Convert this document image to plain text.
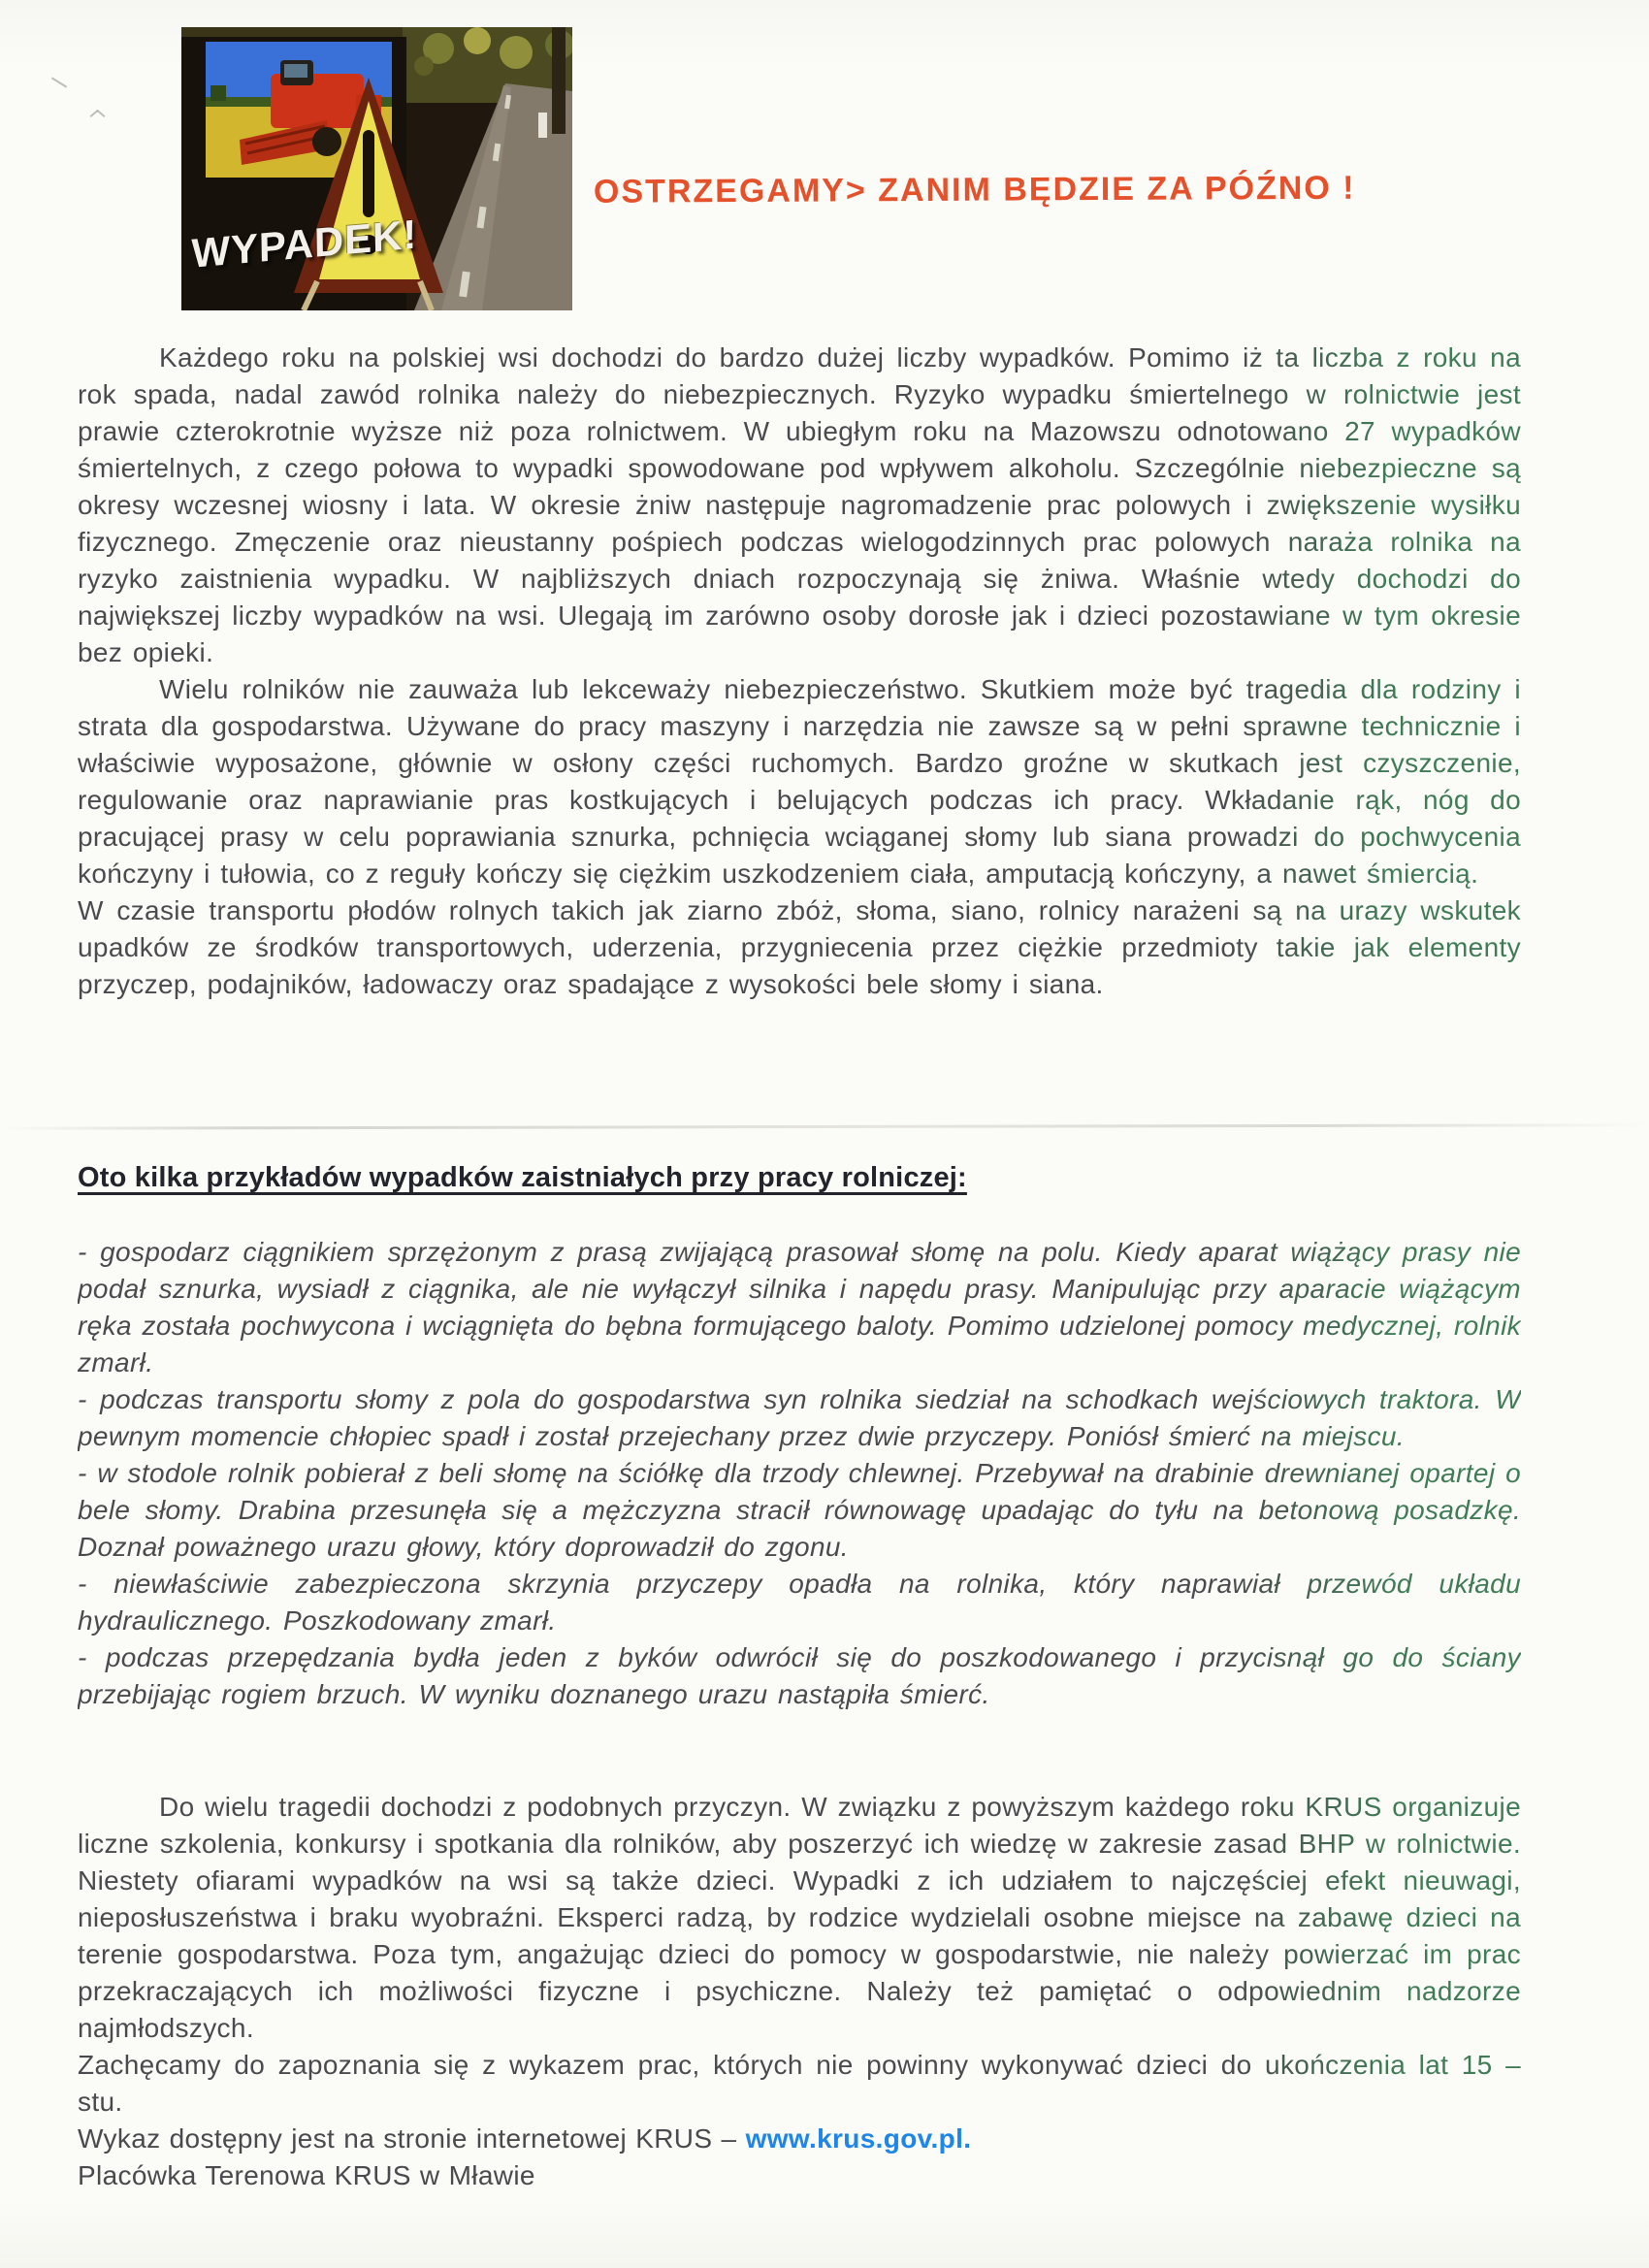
WYPADEK!
OSTRZEGAMY> ZANIM BĘDZIE ZA PÓŹNO !

Każdego roku na polskiej wsi dochodzi do bardzo dużej liczby wypadków. Pomimo iż ta liczba z roku na rok spada, nadal zawód rolnika należy do niebezpiecznych. Ryzyko wypadku śmiertelnego w rolnictwie jest prawie czterokrotnie wyższe niż poza rolnictwem. W ubiegłym roku na Mazowszu odnotowano 27 wypadków śmiertelnych, z czego połowa to wypadki spowodowane pod wpływem alkoholu. Szczególnie niebezpieczne są okresy wczesnej wiosny i lata. W okresie żniw następuje nagromadzenie prac polowych i zwiększenie wysiłku fizycznego. Zmęczenie oraz nieustanny pośpiech podczas wielogodzinnych prac polowych naraża rolnika na ryzyko zaistnienia wypadku. W najbliższych dniach rozpoczynają się żniwa. Właśnie wtedy dochodzi do największej liczby wypadków na wsi. Ulegają im zarówno osoby dorosłe jak i dzieci pozostawiane w tym okresie bez opieki.

Wielu rolników nie zauważa lub lekceważy niebezpieczeństwo. Skutkiem może być tragedia dla rodziny i strata dla gospodarstwa. Używane do pracy maszyny i narzędzia nie zawsze są w pełni sprawne technicznie i właściwie wyposażone, głównie w osłony części ruchomych. Bardzo groźne w skutkach jest czyszczenie, regulowanie oraz naprawianie pras kostkujących i belujących podczas ich pracy. Wkładanie rąk, nóg do pracującej prasy w celu poprawiania sznurka, pchnięcia wciąganej słomy lub siana prowadzi do pochwycenia kończyny i tułowia, co z reguły kończy się ciężkim uszkodzeniem ciała, amputacją kończyny, a nawet śmiercią.

W czasie transportu płodów rolnych takich jak ziarno zbóż, słoma, siano, rolnicy narażeni są na urazy wskutek upadków ze środków transportowych, uderzenia, przygniecenia przez ciężkie przedmioty takie jak elementy przyczep, podajników, ładowaczy oraz spadające z wysokości bele słomy i siana.

Oto kilka przykładów wypadków zaistniałych przy pracy rolniczej:

- gospodarz ciągnikiem sprzężonym z prasą zwijającą prasował słomę na polu. Kiedy aparat wiążący prasy nie podał sznurka, wysiadł z ciągnika, ale nie wyłączył silnika i napędu prasy. Manipulując przy aparacie wiążącym ręka została pochwycona i wciągnięta do bębna formującego baloty. Pomimo udzielonej pomocy medycznej, rolnik zmarł.

- podczas transportu słomy z pola do gospodarstwa syn rolnika siedział na schodkach wejściowych traktora. W pewnym momencie chłopiec spadł i został przejechany przez dwie przyczepy. Poniósł śmierć na miejscu.

- w stodole rolnik pobierał z beli słomę na ściółkę dla trzody chlewnej. Przebywał na drabinie drewnianej opartej o bele słomy. Drabina przesunęła się a mężczyzna stracił równowagę upadając do tyłu na betonową posadzkę. Doznał poważnego urazu głowy, który doprowadził do zgonu.

- niewłaściwie zabezpieczona skrzynia przyczepy opadła na rolnika, który naprawiał przewód układu hydraulicznego. Poszkodowany zmarł.

- podczas przepędzania bydła jeden z byków odwrócił się do poszkodowanego i przycisnął go do ściany przebijając rogiem brzuch. W wyniku doznanego urazu nastąpiła śmierć.

Do wielu tragedii dochodzi z podobnych przyczyn. W związku z powyższym każdego roku KRUS organizuje liczne szkolenia, konkursy i spotkania dla rolników, aby poszerzyć ich wiedzę w zakresie zasad BHP w rolnictwie. Niestety ofiarami wypadków na wsi są także dzieci. Wypadki z ich udziałem to najczęściej efekt nieuwagi, nieposłuszeństwa i braku wyobraźni. Eksperci radzą, by rodzice wydzielali osobne miejsce na zabawę dzieci na terenie gospodarstwa. Poza tym, angażując dzieci do pomocy w gospodarstwie, nie należy powierzać im prac przekraczających ich możliwości fizyczne i psychiczne. Należy też pamiętać o odpowiednim nadzorze najmłodszych.

Zachęcamy do zapoznania się z wykazem prac, których nie powinny wykonywać dzieci do ukończenia lat 15 – stu.

Wykaz dostępny jest na stronie internetowej KRUS – www.krus.gov.pl.

Placówka Terenowa KRUS w Mławie
